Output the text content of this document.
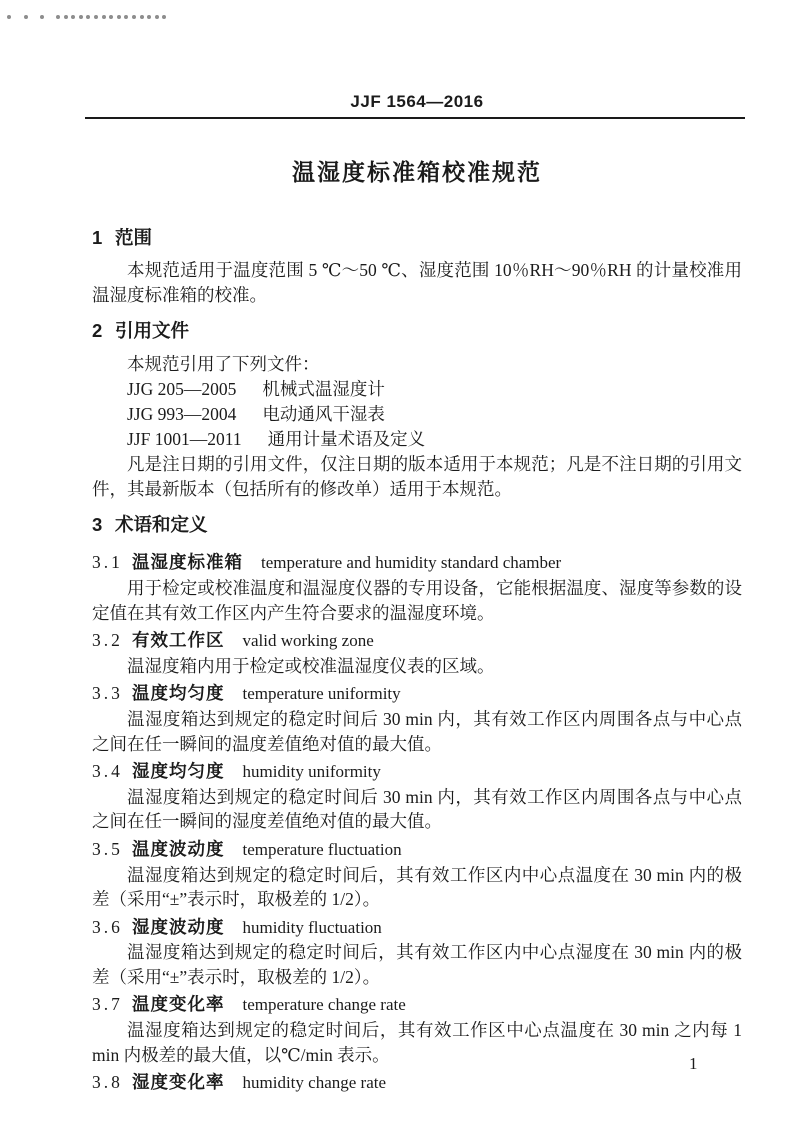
JJF 1564—2016
温湿度标准箱校准规范
1 范围

本规范适用于温度范围 5 ℃～50 ℃、湿度范围 10％RH～90％RH 的计量校准用温湿度标准箱的校准。

2 引用文件

本规范引用了下列文件：

JJG 205—2005 机械式温湿度计
JJG 993—2004 电动通风干湿表
JJF 1001—2011 通用计量术语及定义

凡是注日期的引用文件，仅注日期的版本适用于本规范；凡是不注日期的引用文件，其最新版本（包括所有的修改单）适用于本规范。

3 术语和定义
3.1 温湿度标准箱 temperature and humidity standard chamber

用于检定或校准温度和温湿度仪器的专用设备，它能根据温度、湿度等参数的设定值在其有效工作区内产生符合要求的温湿度环境。

3.2 有效工作区 valid working zone

温湿度箱内用于检定或校准温湿度仪表的区域。

3.3 温度均匀度 temperature uniformity

温湿度箱达到规定的稳定时间后 30 min 内，其有效工作区内周围各点与中心点之间在任一瞬间的温度差值绝对值的最大值。

3.4 湿度均匀度 humidity uniformity

温湿度箱达到规定的稳定时间后 30 min 内，其有效工作区内周围各点与中心点之间在任一瞬间的湿度差值绝对值的最大值。

3.5 温度波动度 temperature fluctuation

温湿度箱达到规定的稳定时间后，其有效工作区内中心点温度在 30 min 内的极差（采用“±”表示时，取极差的 1/2）。

3.6 湿度波动度 humidity fluctuation

温湿度箱达到规定的稳定时间后，其有效工作区内中心点湿度在 30 min 内的极差（采用“±”表示时，取极差的 1/2）。

3.7 温度变化率 temperature change rate

温湿度箱达到规定的稳定时间后，其有效工作区中心点温度在 30 min 之内每 1 min 内极差的最大值，以℃/min 表示。

3.8 湿度变化率 humidity change rate
1
